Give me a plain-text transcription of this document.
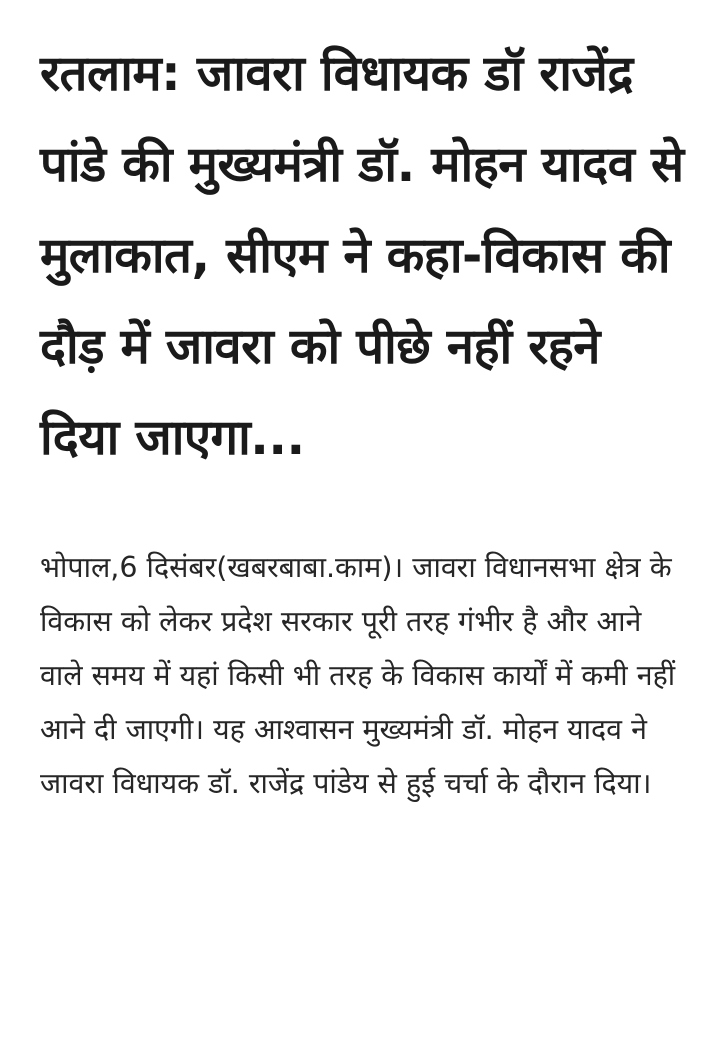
रतलाम: जावरा विधायक डॉ राजेंद्र पांडे की मुख्यमंत्री डॉ. मोहन यादव से मुलाकात, सीएम ने कहा-विकास की दौड़ में जावरा को पीछे नहीं रहने दिया जाएगा...

भोपाल,6 दिसंबर(खबरबाबा.काम)। जावरा विधानसभा क्षेत्र के विकास को लेकर प्रदेश सरकार पूरी तरह गंभीर है और आने वाले समय में यहां किसी भी तरह के विकास कार्यों में कमी नहीं आने दी जाएगी। यह आश्वासन मुख्यमंत्री डॉ. मोहन यादव ने जावरा विधायक डॉ. राजेंद्र पांडेय से हुई चर्चा के दौरान दिया।
